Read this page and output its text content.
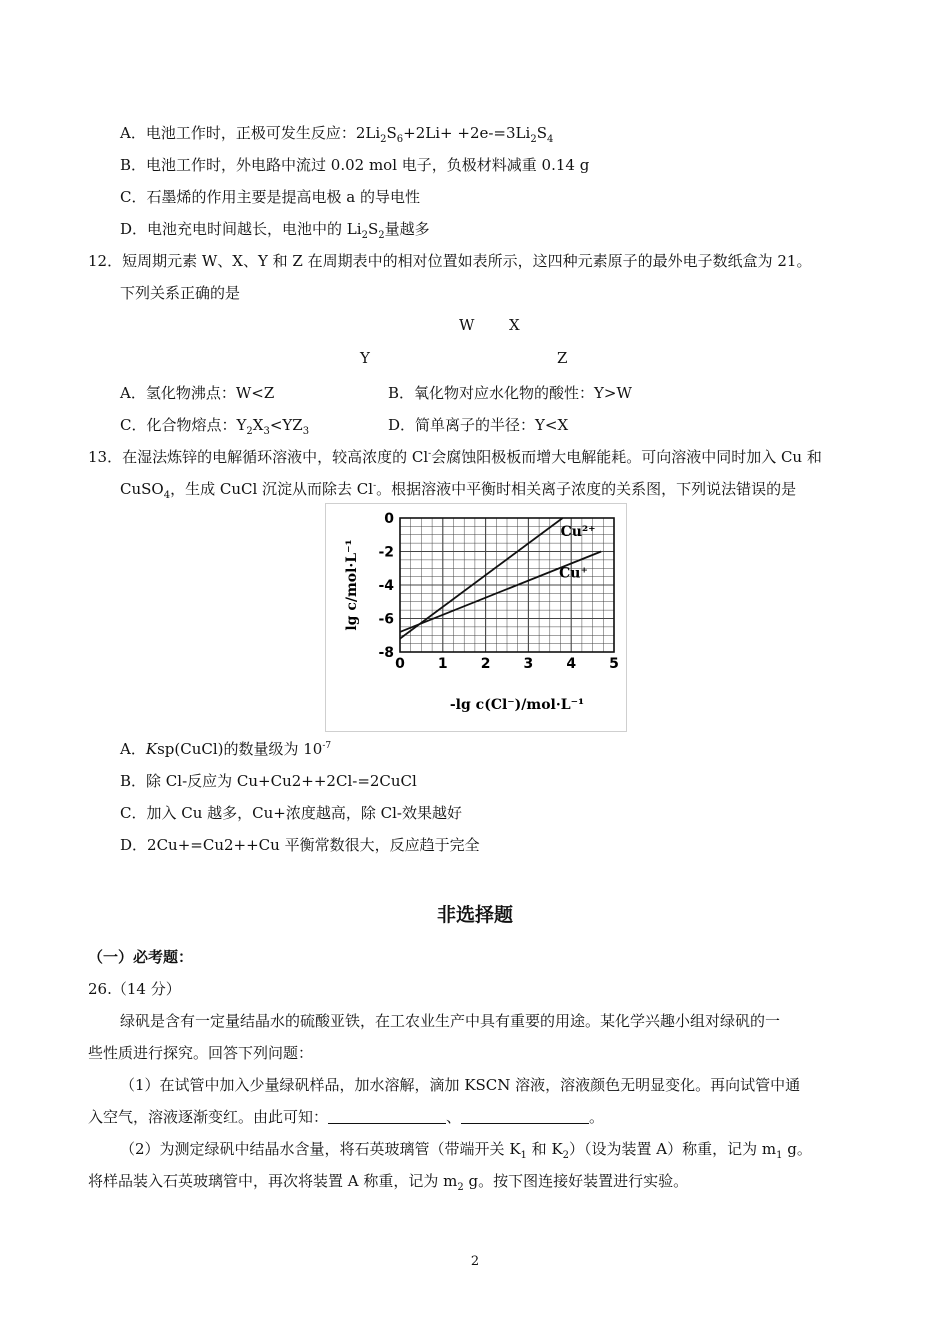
A．电池工作时，正极可发生反应：$2Li_2S_6+2Li+ +2e-=3Li_2S_4$
B．电池工作时，外电路中流过 0.02 mol 电子，负极材料减重 0.14 g
C．石墨烯的作用主要是提高电极 a 的导电性
D．电池充电时间越长，电池中的 $Li_2S_2$量越多
12．短周期元素 W、X、Y 和 Z 在周期表中的相对位置如表所示，这四种元素原子的最外电子数纸盒为 21。
下列关系正确的是
W X
Y	Z
A．氢化物沸点：W<Z	B．氧化物对应水化物的酸性：Y>W
C．化合物熔点：$Y_2X_3<YZ_3$	D．简单离子的半径：Y<X
13．在湿法炼锌的电解循环溶液中，较高浓度的 Cl-会腐蚀阳极板而增大电解能耗。可向溶液中同时加入 Cu 和
CuSO$_4$，生成 CuCl 沉淀从而除去 Cl-。根据溶液中平衡时相关离子浓度的关系图，下列说法错误的是
0 1 2 3 4 5
0
-2
-4
-6
-8
Cu²⁺
Cu⁺
lg c/mol·L⁻¹
-lg c(Cl⁻)/mol·L⁻¹
A．Ksp(CuCl)的数量级为 $10^{-7}$
B．除 Cl-反应为 Cu+Cu2++2Cl-=2CuCl
C．加入 Cu 越多，Cu+浓度越高，除 Cl-效果越好
D．2Cu+=Cu2++Cu 平衡常数很大，反应趋于完全
非选择题
（一）必考题：
26.（14 分）
绿矾是含有一定量结晶水的硫酸亚铁，在工农业生产中具有重要的用途。某化学兴趣小组对绿矾的一
些性质进行探究。回答下列问题：
（1）在试管中加入少量绿矾样品，加水溶解，滴加 KSCN 溶液，溶液颜色无明显变化。再向试管中通
入空气，溶液逐渐变红。由此可知：	、	。
（2）为测定绿矾中结晶水含量，将石英玻璃管（带端开关 $K_1$ 和 $K_2$）（设为装置 A）称重，记为 $m_1$ g。
将样品装入石英玻璃管中，再次将装置 A 称重，记为 $m_2$ g。按下图连接好装置进行实验。
2
